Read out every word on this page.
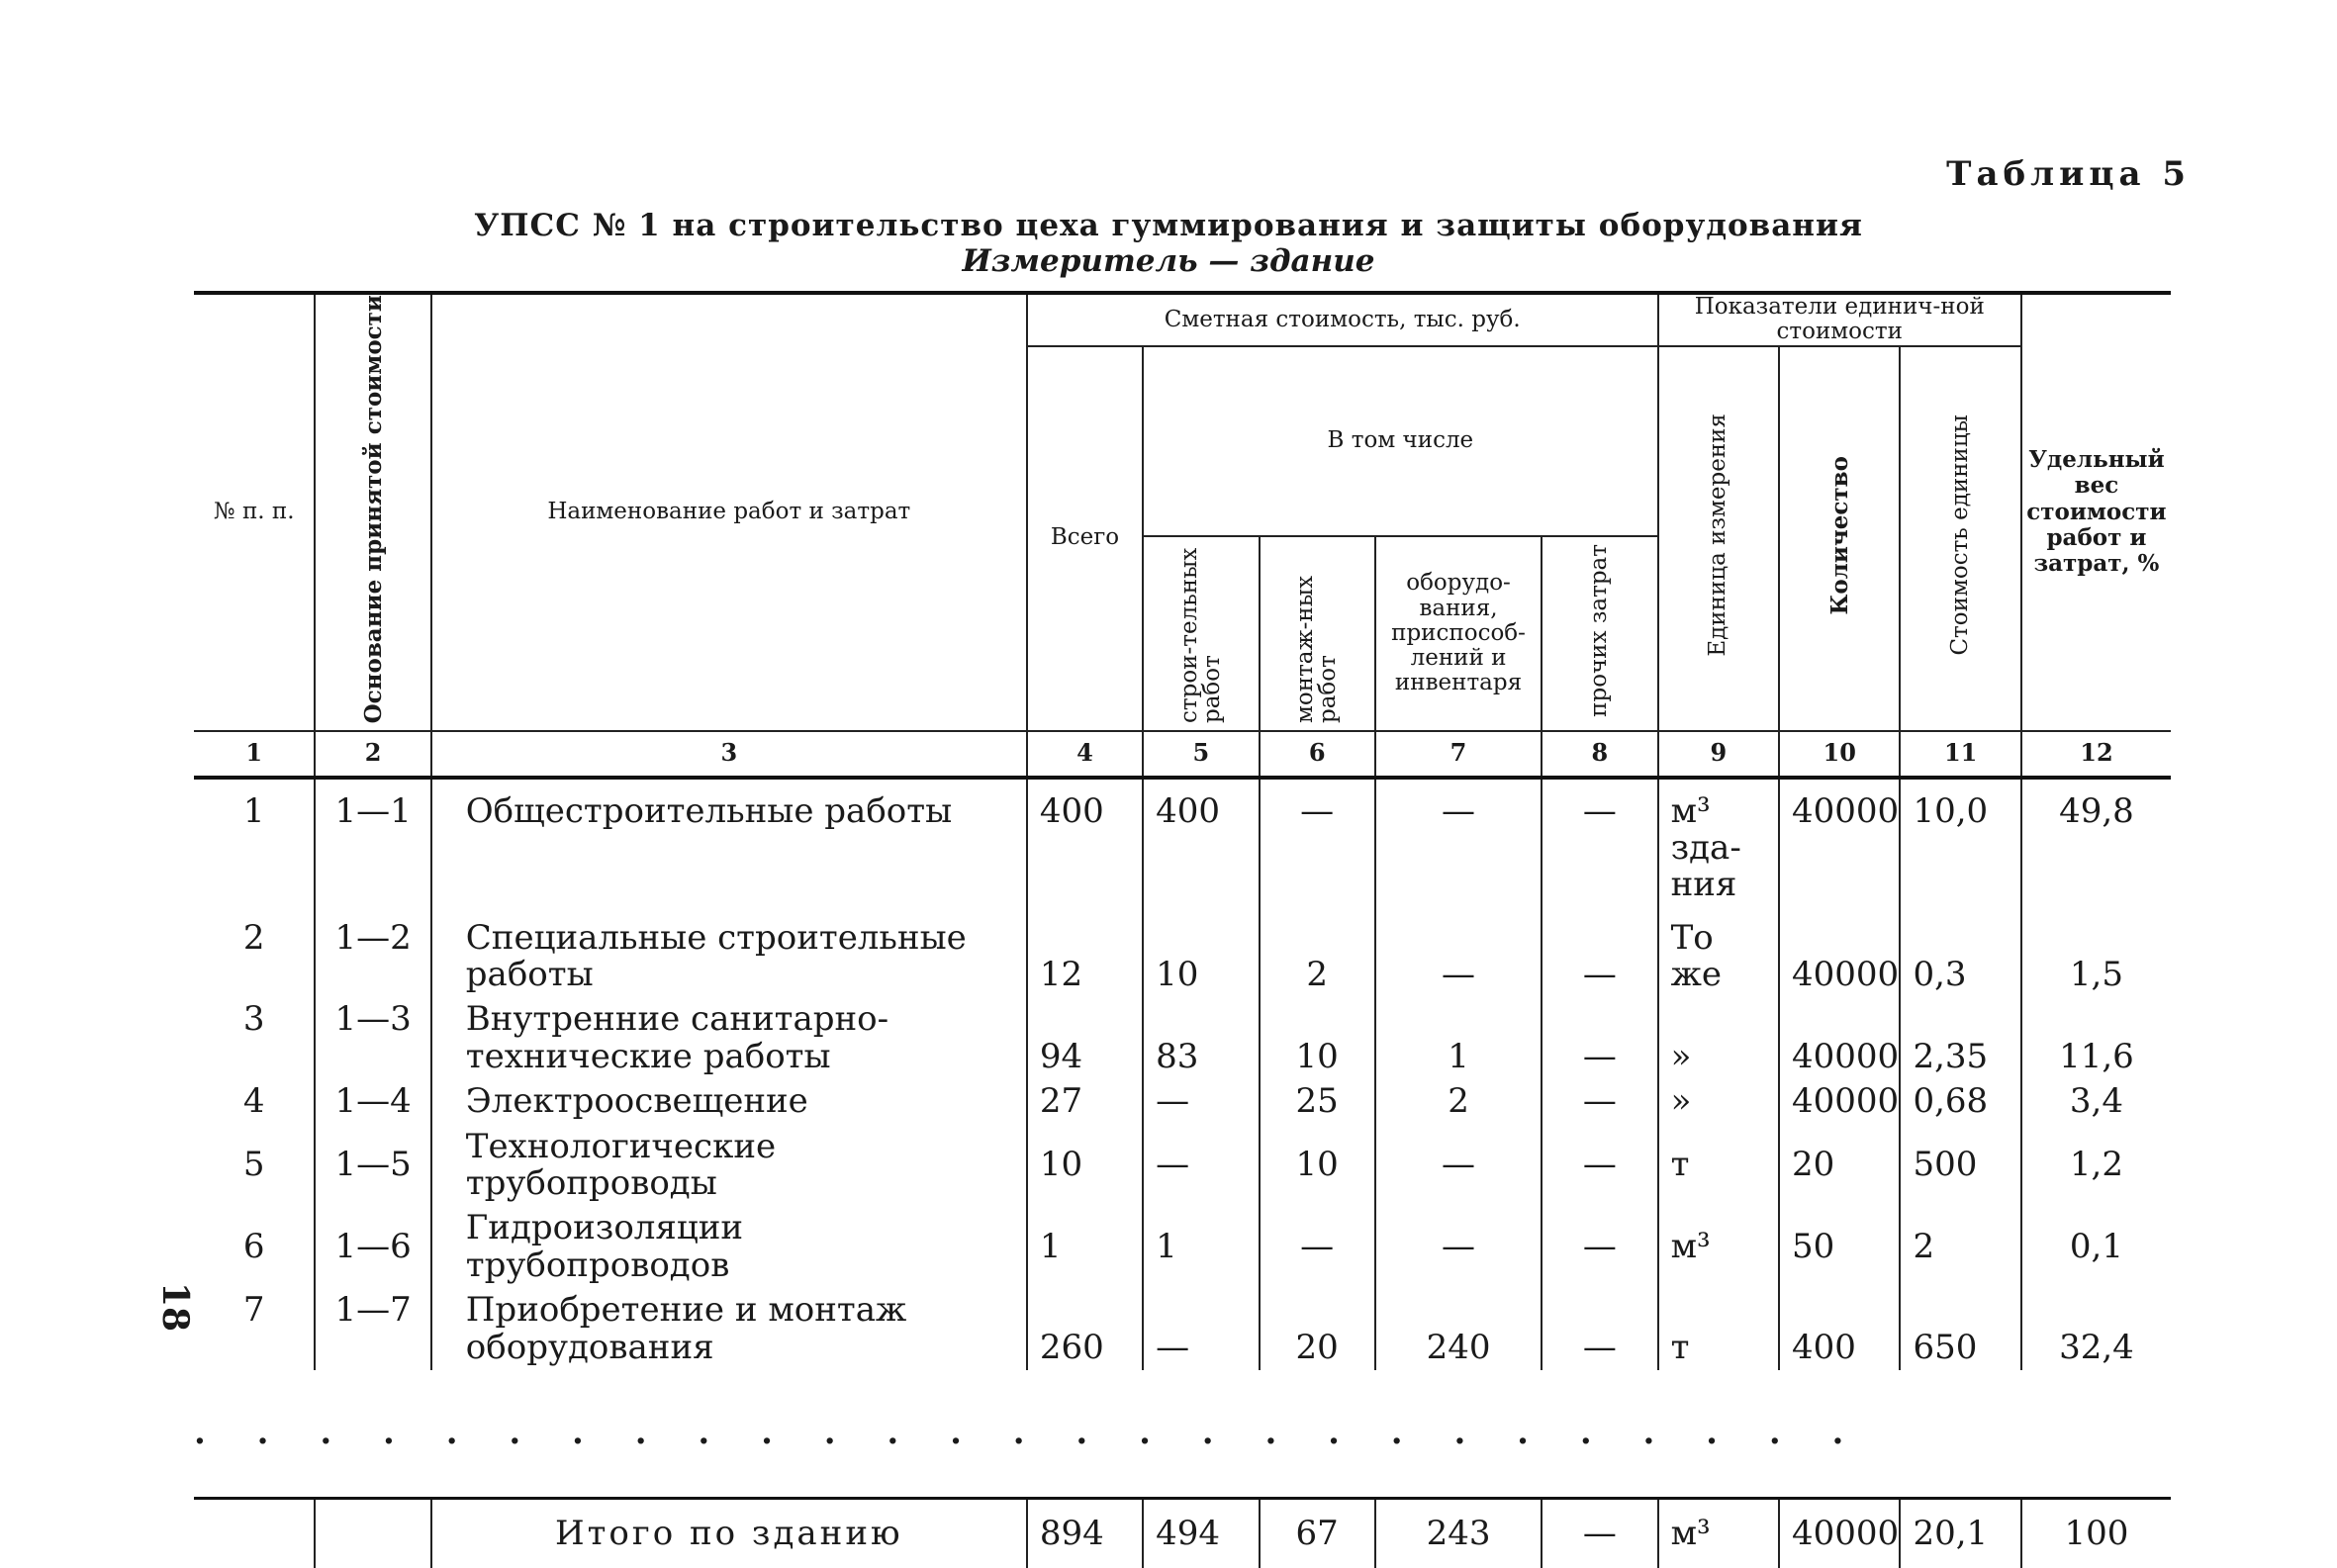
18
Таблица 5
УПСС № 1 на строительство цеха гуммирования и защиты оборудования
Измеритель — здание
№ п. п.	Основание принятой стоимости	Наименование работ и затрат	Сметная стоимость, тыс. руб.					Показатели единич-ной стоимости			Удельный вес стоимости работ и затрат, %
			Всего	В том числе				Единица измерения	Количество	Стоимость единицы	
				строи-тельных работ	монтаж-ных работ	оборудо-вания, приспособ-лений и инвентаря	прочих затрат				
1	2	3	4	5	6	7	8	9	10	11	12
1	1—1	Общестроительные работы	400	400	—	—	—	м³ зда-ния	40000	10,0	49,8
2	1—2	Специальные строительные работы	12	10	2	—	—	То же	40000	0,3	1,5
3	1—3	Внутренние санитарно-технические работы	94	83	10	1	—	»	40000	2,35	11,6
4	1—4	Электроосвещение	27	—	25	2	—	»	40000	0,68	3,4
5	1—5	Технологические трубопроводы	10	—	10	—	—	т	20	500	1,2
6	1—6	Гидроизоляции трубопроводов	1	1	—	—	—	м³	50	2	0,1
7	1—7	Приобретение и монтаж оборудования	260	—	20	240	—	т	400	650	32,4
. . . . . . . . . . . . . . . . . . . . . . . . . . .											
		Итого по зданию	894	494	67	243	—	м³	40000	20,1	100
